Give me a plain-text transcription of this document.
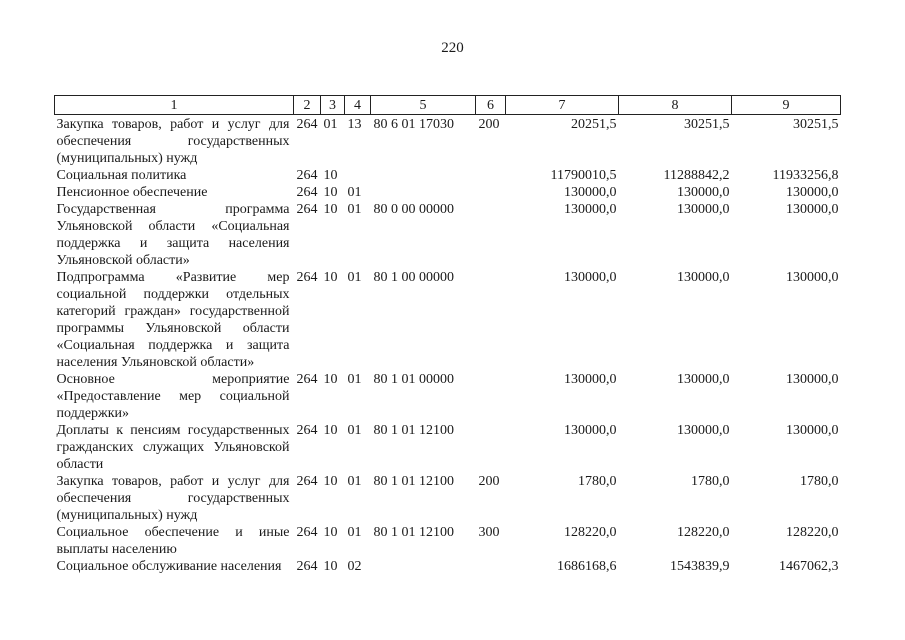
220
1	2	3	4	5	6	7	8	9
Закупка товаров, работ и услуг для обеспечения государственных (муниципальных) нужд	264	01	13	80 6 01 17030	200	20251,5	30251,5	30251,5
Социальная политика	264	10				11790010,5	11288842,2	11933256,8
Пенсионное обеспечение	264	10	01			130000,0	130000,0	130000,0
Государственная программа Ульяновской области «Социальная поддержка и защита населения Ульяновской области»	264	10	01	80 0 00 00000		130000,0	130000,0	130000,0
Подпрограмма «Развитие мер социальной поддержки отдельных категорий граждан» государственной программы Ульяновской области «Социальная поддержка и защита населения Ульяновской области»	264	10	01	80 1 00 00000		130000,0	130000,0	130000,0
Основное мероприятие «Предоставление мер социальной поддержки»	264	10	01	80 1 01 00000		130000,0	130000,0	130000,0
Доплаты к пенсиям государственных гражданских служащих Ульяновской области	264	10	01	80 1 01 12100		130000,0	130000,0	130000,0
Закупка товаров, работ и услуг для обеспечения государственных (муниципальных) нужд	264	10	01	80 1 01 12100	200	1780,0	1780,0	1780,0
Социальное обеспечение и иные выплаты населению	264	10	01	80 1 01 12100	300	128220,0	128220,0	128220,0
Социальное обслуживание населения	264	10	02			1686168,6	1543839,9	1467062,3
